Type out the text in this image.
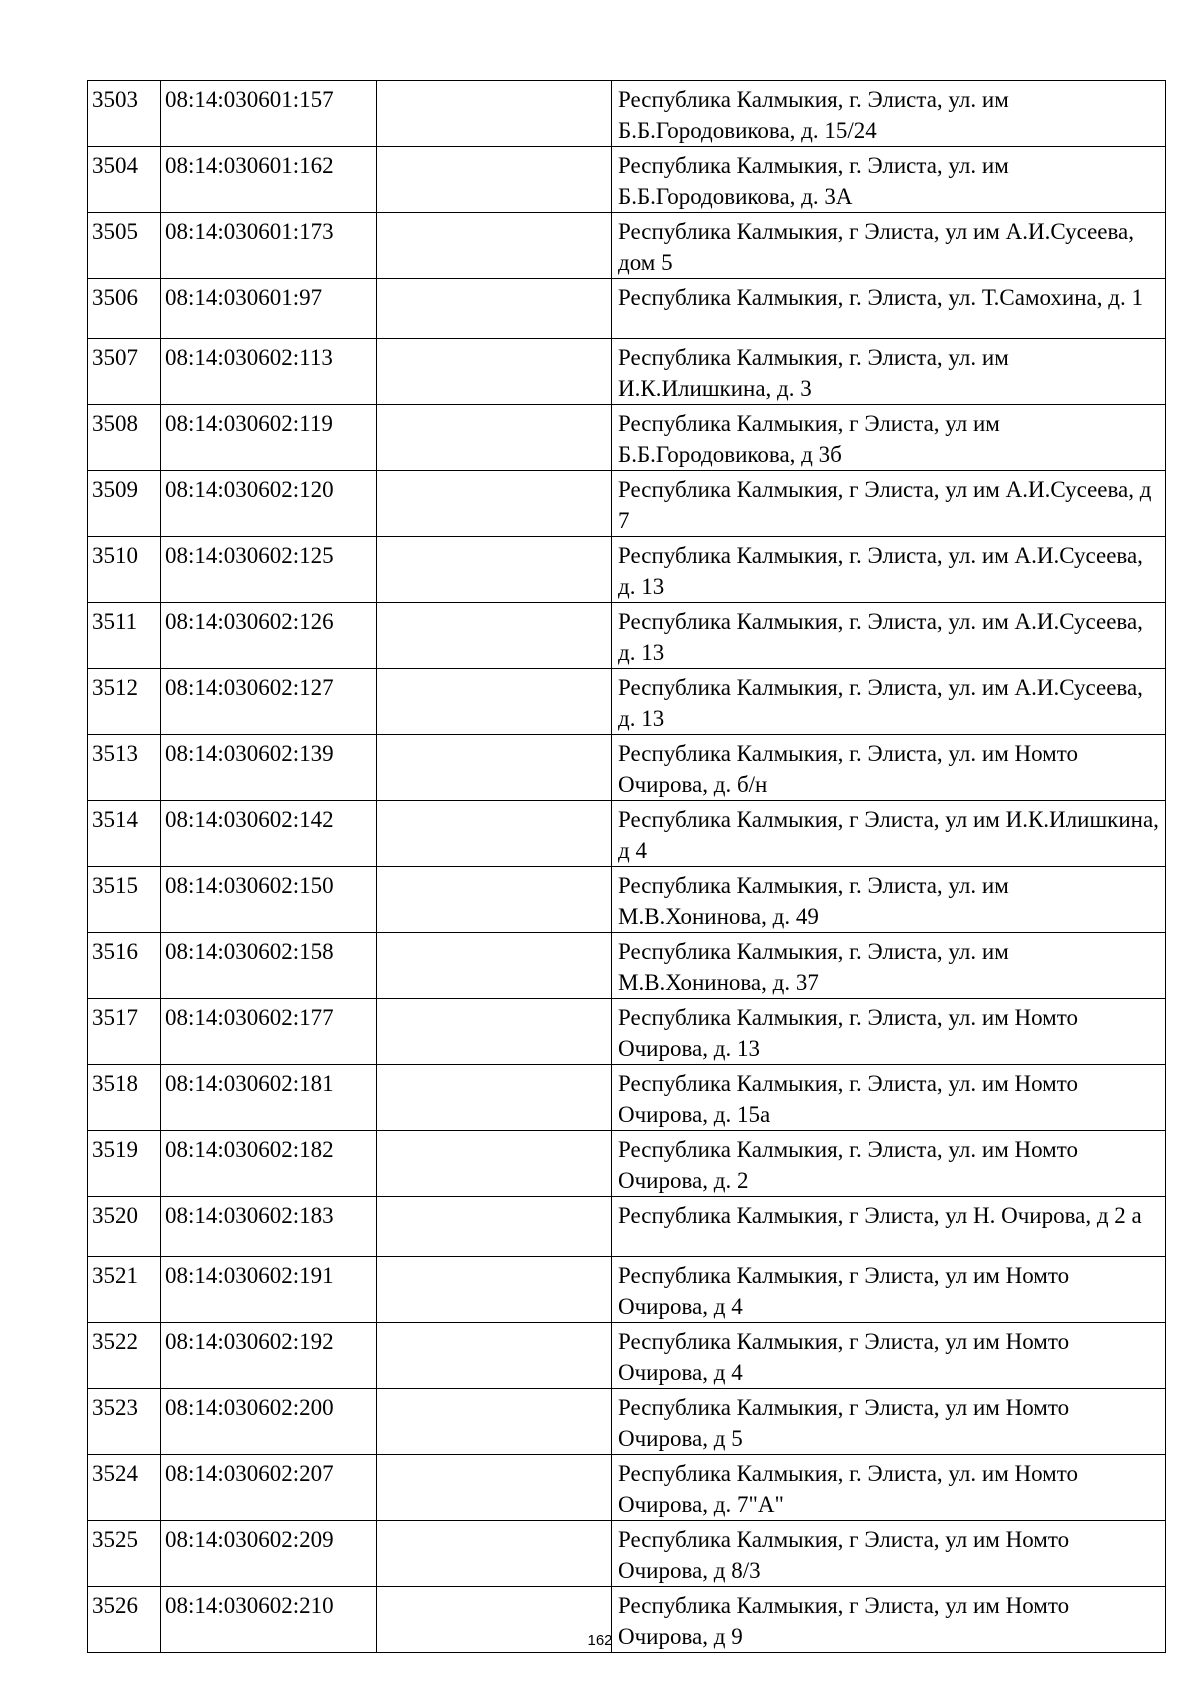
3503	08:14:030601:157		Республика Калмыкия, г. Элиста, ул. им Б.Б.Городовикова, д. 15/24
3504	08:14:030601:162		Республика Калмыкия, г. Элиста, ул. им Б.Б.Городовикова, д. 3А
3505	08:14:030601:173		Республика Калмыкия, г Элиста, ул им А.И.Сусеева, дом 5
3506	08:14:030601:97		Республика Калмыкия, г. Элиста, ул. Т.Самохина, д. 1
3507	08:14:030602:113		Республика Калмыкия, г. Элиста, ул. им И.К.Илишкина, д. 3
3508	08:14:030602:119		Республика Калмыкия, г Элиста, ул им Б.Б.Городовикова, д 3б
3509	08:14:030602:120		Республика Калмыкия, г Элиста, ул им А.И.Сусеева, д 7
3510	08:14:030602:125		Республика Калмыкия, г. Элиста, ул. им А.И.Сусеева, д. 13
3511	08:14:030602:126		Республика Калмыкия, г. Элиста, ул. им А.И.Сусеева, д. 13
3512	08:14:030602:127		Республика Калмыкия, г. Элиста, ул. им А.И.Сусеева, д. 13
3513	08:14:030602:139		Республика Калмыкия, г. Элиста, ул. им Номто Очирова, д. б/н
3514	08:14:030602:142		Республика Калмыкия, г Элиста, ул им И.К.Илишкина, д 4
3515	08:14:030602:150		Республика Калмыкия, г. Элиста, ул. им М.В.Хонинова, д. 49
3516	08:14:030602:158		Республика Калмыкия, г. Элиста, ул. им М.В.Хонинова, д. 37
3517	08:14:030602:177		Республика Калмыкия, г. Элиста, ул. им Номто Очирова, д. 13
3518	08:14:030602:181		Республика Калмыкия, г. Элиста, ул. им Номто Очирова, д. 15а
3519	08:14:030602:182		Республика Калмыкия, г. Элиста, ул. им Номто Очирова, д. 2
3520	08:14:030602:183		Республика Калмыкия, г Элиста, ул Н. Очирова, д 2 а
3521	08:14:030602:191		Республика Калмыкия, г Элиста, ул им Номто Очирова, д 4
3522	08:14:030602:192		Республика Калмыкия, г Элиста, ул им Номто Очирова, д 4
3523	08:14:030602:200		Республика Калмыкия, г Элиста, ул им Номто Очирова, д 5
3524	08:14:030602:207		Республика Калмыкия, г. Элиста, ул. им Номто Очирова, д. 7"А"
3525	08:14:030602:209		Республика Калмыкия, г Элиста, ул им Номто Очирова, д 8/3
3526	08:14:030602:210		Республика Калмыкия, г Элиста, ул им Номто Очирова, д 9
162
